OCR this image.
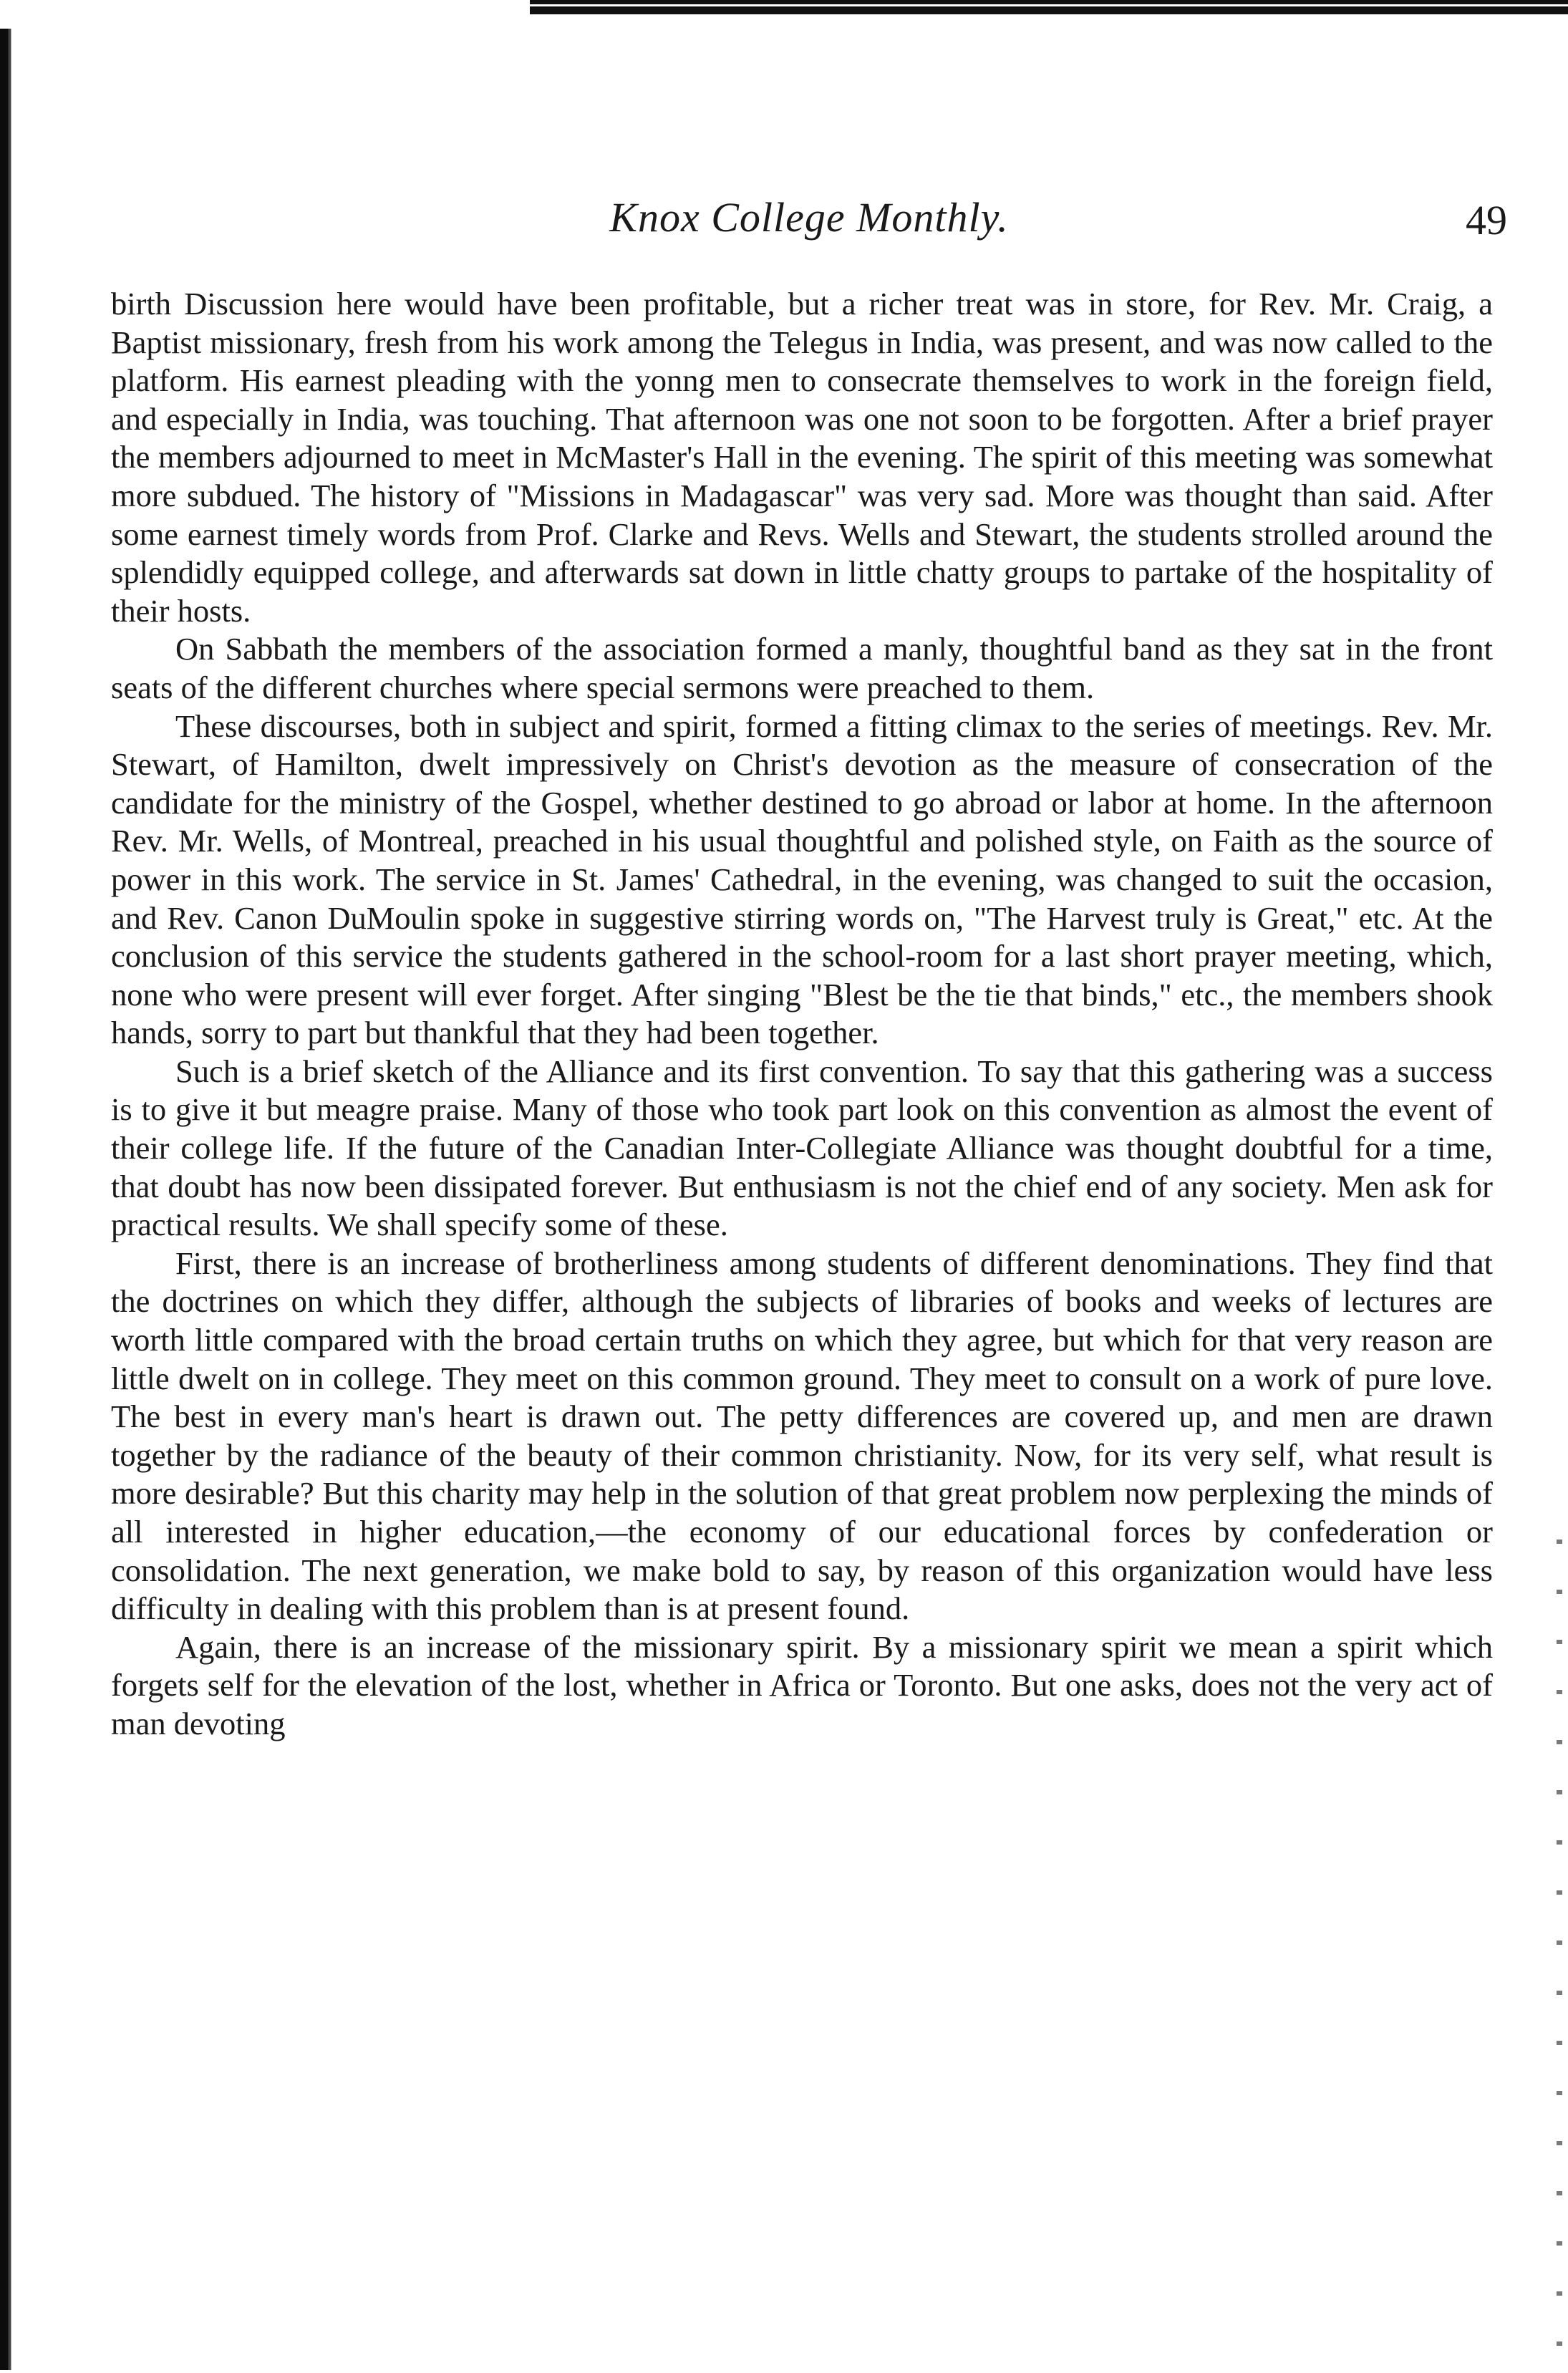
Knox College Monthly.	49

birth Discussion here would have been profitable, but a richer treat was in store, for Rev. Mr. Craig, a Baptist missionary, fresh from his work among the Telegus in India, was present, and was now called to the platform. His earnest pleading with the yonng men to consecrate themselves to work in the foreign field, and especially in India, was touching. That afternoon was one not soon to be forgotten. After a brief prayer the members adjourned to meet in McMaster's Hall in the evening. The spirit of this meeting was somewhat more subdued. The history of "Missions in Madagascar" was very sad. More was thought than said. After some earnest timely words from Prof. Clarke and Revs. Wells and Stewart, the students strolled around the splendidly equipped college, and afterwards sat down in little chatty groups to partake of the hospitality of their hosts.

On Sabbath the members of the association formed a manly, thoughtful band as they sat in the front seats of the different churches where special sermons were preached to them.

These discourses, both in subject and spirit, formed a fitting climax to the series of meetings. Rev. Mr. Stewart, of Hamilton, dwelt impressively on Christ's devotion as the measure of consecration of the candidate for the ministry of the Gospel, whether destined to go abroad or labor at home. In the afternoon Rev. Mr. Wells, of Montreal, preached in his usual thoughtful and polished style, on Faith as the source of power in this work. The service in St. James' Cathedral, in the evening, was changed to suit the occasion, and Rev. Canon DuMoulin spoke in suggestive stirring words on, "The Harvest truly is Great," etc. At the conclusion of this service the students gathered in the school-room for a last short prayer meeting, which, none who were present will ever forget. After singing "Blest be the tie that binds," etc., the members shook hands, sorry to part but thankful that they had been together.

Such is a brief sketch of the Alliance and its first convention. To say that this gathering was a success is to give it but meagre praise. Many of those who took part look on this convention as almost the event of their college life. If the future of the Canadian Inter-Collegiate Alliance was thought doubtful for a time, that doubt has now been dissipated forever. But enthusiasm is not the chief end of any society. Men ask for practical results. We shall specify some of these.

First, there is an increase of brotherliness among students of different denominations. They find that the doctrines on which they differ, although the subjects of libraries of books and weeks of lectures are worth little compared with the broad certain truths on which they agree, but which for that very reason are little dwelt on in college. They meet on this common ground. They meet to consult on a work of pure love. The best in every man's heart is drawn out. The petty differences are covered up, and men are drawn together by the radiance of the beauty of their common christianity. Now, for its very self, what result is more desirable? But this charity may help in the solution of that great problem now perplexing the minds of all interested in higher education,—the economy of our educational forces by confederation or consolidation. The next generation, we make bold to say, by reason of this organization would have less difficulty in dealing with this problem than is at present found.

Again, there is an increase of the missionary spirit. By a missionary spirit we mean a spirit which forgets self for the elevation of the lost, whether in Africa or Toronto. But one asks, does not the very act of man devoting
